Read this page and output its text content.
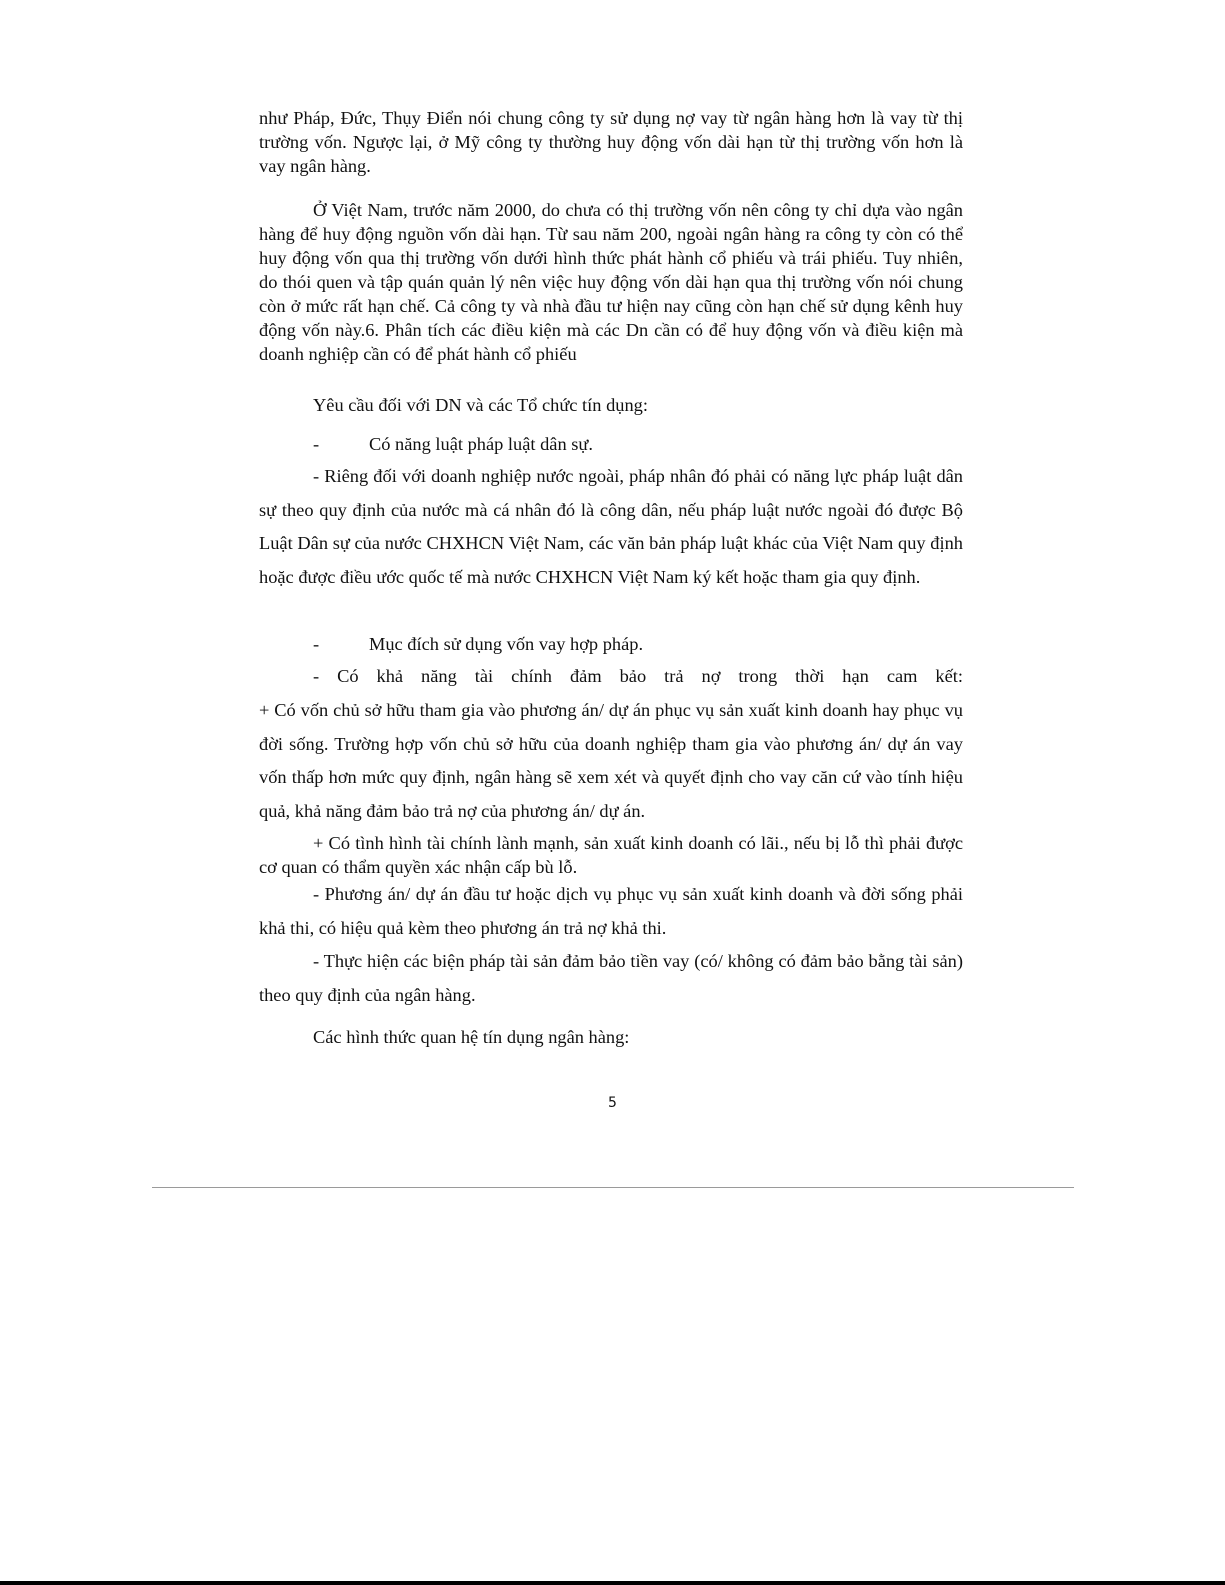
như Pháp, Đức, Thụy Điển nói chung công ty sử dụng nợ vay từ ngân hàng hơn là vay từ thị trường vốn. Ngược lại, ở Mỹ công ty thường huy động vốn dài hạn từ thị trường vốn hơn là vay ngân hàng.

Ở Việt Nam, trước năm 2000, do chưa có thị trường vốn nên công ty chỉ dựa vào ngân hàng để huy động nguồn vốn dài hạn. Từ sau năm 200, ngoài ngân hàng ra công ty còn có thể huy động vốn qua thị trường vốn dưới hình thức phát hành cổ phiếu và trái phiếu. Tuy nhiên, do thói quen và tập quán quản lý nên việc huy động vốn dài hạn qua thị trường vốn nói chung còn ở mức rất hạn chế. Cả công ty và nhà đầu tư hiện nay cũng còn hạn chế sử dụng kênh huy động vốn này.6. Phân tích các điều kiện mà các Dn cần có để huy động vốn và điều kiện mà doanh nghiệp cần có để phát hành cổ phiếu

Yêu cầu đối với DN và các Tổ chức tín dụng:

-	Có năng luật pháp luật dân sự.

- Riêng đối với doanh nghiệp nước ngoài, pháp nhân đó phải có năng lực pháp luật dân sự theo quy định của nước mà cá nhân đó là công dân, nếu pháp luật nước ngoài đó được Bộ Luật Dân sự của nước CHXHCN Việt Nam, các văn bản pháp luật khác của Việt Nam quy định hoặc được điều ước quốc tế mà nước CHXHCN Việt Nam ký kết hoặc tham gia quy định.

-	Mục đích sử dụng vốn vay hợp pháp.

- Có khả năng tài chính đảm bảo trả nợ trong thời hạn cam kết:

+ Có vốn chủ sở hữu tham gia vào phương án/ dự án phục vụ sản xuất kinh doanh hay phục vụ đời sống. Trường hợp vốn chủ sở hữu của doanh nghiệp tham gia vào phương án/ dự án vay vốn thấp hơn mức quy định, ngân hàng sẽ xem xét và quyết định cho vay căn cứ vào tính hiệu quả, khả năng đảm bảo trả nợ của phương án/ dự án.

+ Có tình hình tài chính lành mạnh, sản xuất kinh doanh có lãi., nếu bị lỗ thì phải được cơ quan có thẩm quyền xác nhận cấp bù lỗ.

- Phương án/ dự án đầu tư hoặc dịch vụ phục vụ sản xuất kinh doanh và đời sống phải khả thi, có hiệu quả kèm theo phương án trả nợ khả thi.

- Thực hiện các biện pháp tài sản đảm bảo tiền vay (có/ không có đảm bảo bằng tài sản) theo quy định của ngân hàng.

Các hình thức quan hệ tín dụng ngân hàng:

5
